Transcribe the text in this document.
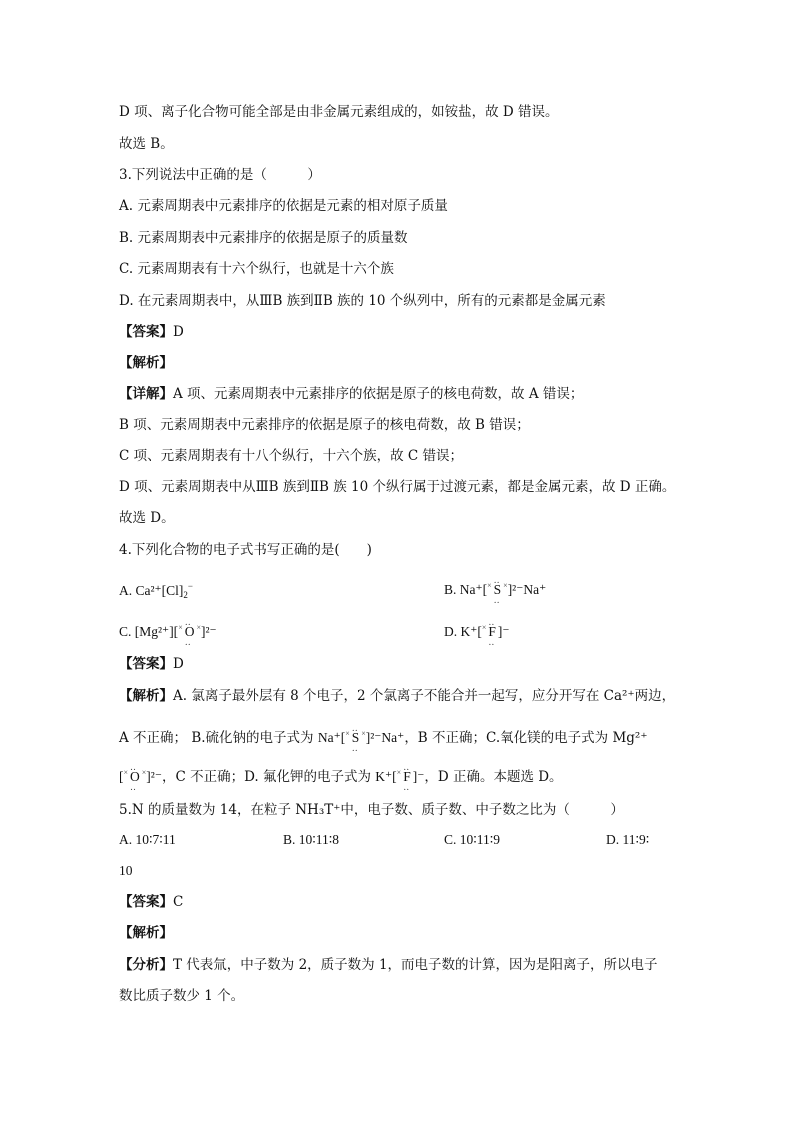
D 项、离子化合物可能全部是由非金属元素组成的，如铵盐，故 D 错误。
故选 B。
3.下列说法中正确的是（　　　）
A. 元素周期表中元素排序的依据是元素的相对原子质量
B. 元素周期表中元素排序的依据是原子的质量数
C. 元素周期表有十六个纵行，也就是十六个族
D. 在元素周期表中，从ⅢB 族到ⅡB 族的 10 个纵列中，所有的元素都是金属元素
【答案】D
【解析】
【详解】A 项、元素周期表中元素排序的依据是原子的核电荷数，故 A 错误；
B 项、元素周期表中元素排序的依据是原子的核电荷数，故 B 错误；
C 项、元素周期表有十八个纵行，十六个族，故 C 错误；
D 项、元素周期表中从ⅢB 族到ⅡB 族 10 个纵行属于过渡元素，都是金属元素，故 D 正确。
故选 D。
4.下列化合物的电子式书写正确的是(　　)
A. $Ca^{2+}[Cl]_2^-$	B. Na⁺[× ‥ S ‥ ×]²⁻Na⁺
C. [Mg²⁺][× ‥ O ‥ ×]²⁻	D. K⁺[× ‥ F ‥ ]⁻
【答案】D
【解析】A. 氯离子最外层有 8 个电子，2 个氯离子不能合并一起写，应分开写在 Ca²⁺两边，
A 不正确； B.硫化钠的电子式为 Na⁺[× ‥ S ‥ ×]²⁻Na⁺，B 不正确；C.氧化镁的电子式为 Mg²⁺
[× ‥ O ‥ ×]²⁻，C 不正确；D. 氟化钾的电子式为 K⁺[× ‥ F ‥ ]⁻，D 正确。本题选 D。
5.N 的质量数为 14，在粒子 NH₃T⁺中，电子数、质子数、中子数之比为（　　　）
A. 10∶7∶11	B. 10∶11∶8	C. 10∶11∶9	D. 11∶9∶
10
【答案】C
【解析】
【分析】T 代表氚，中子数为 2，质子数为 1，而电子数的计算，因为是阳离子，所以电子
数比质子数少 1 个。
